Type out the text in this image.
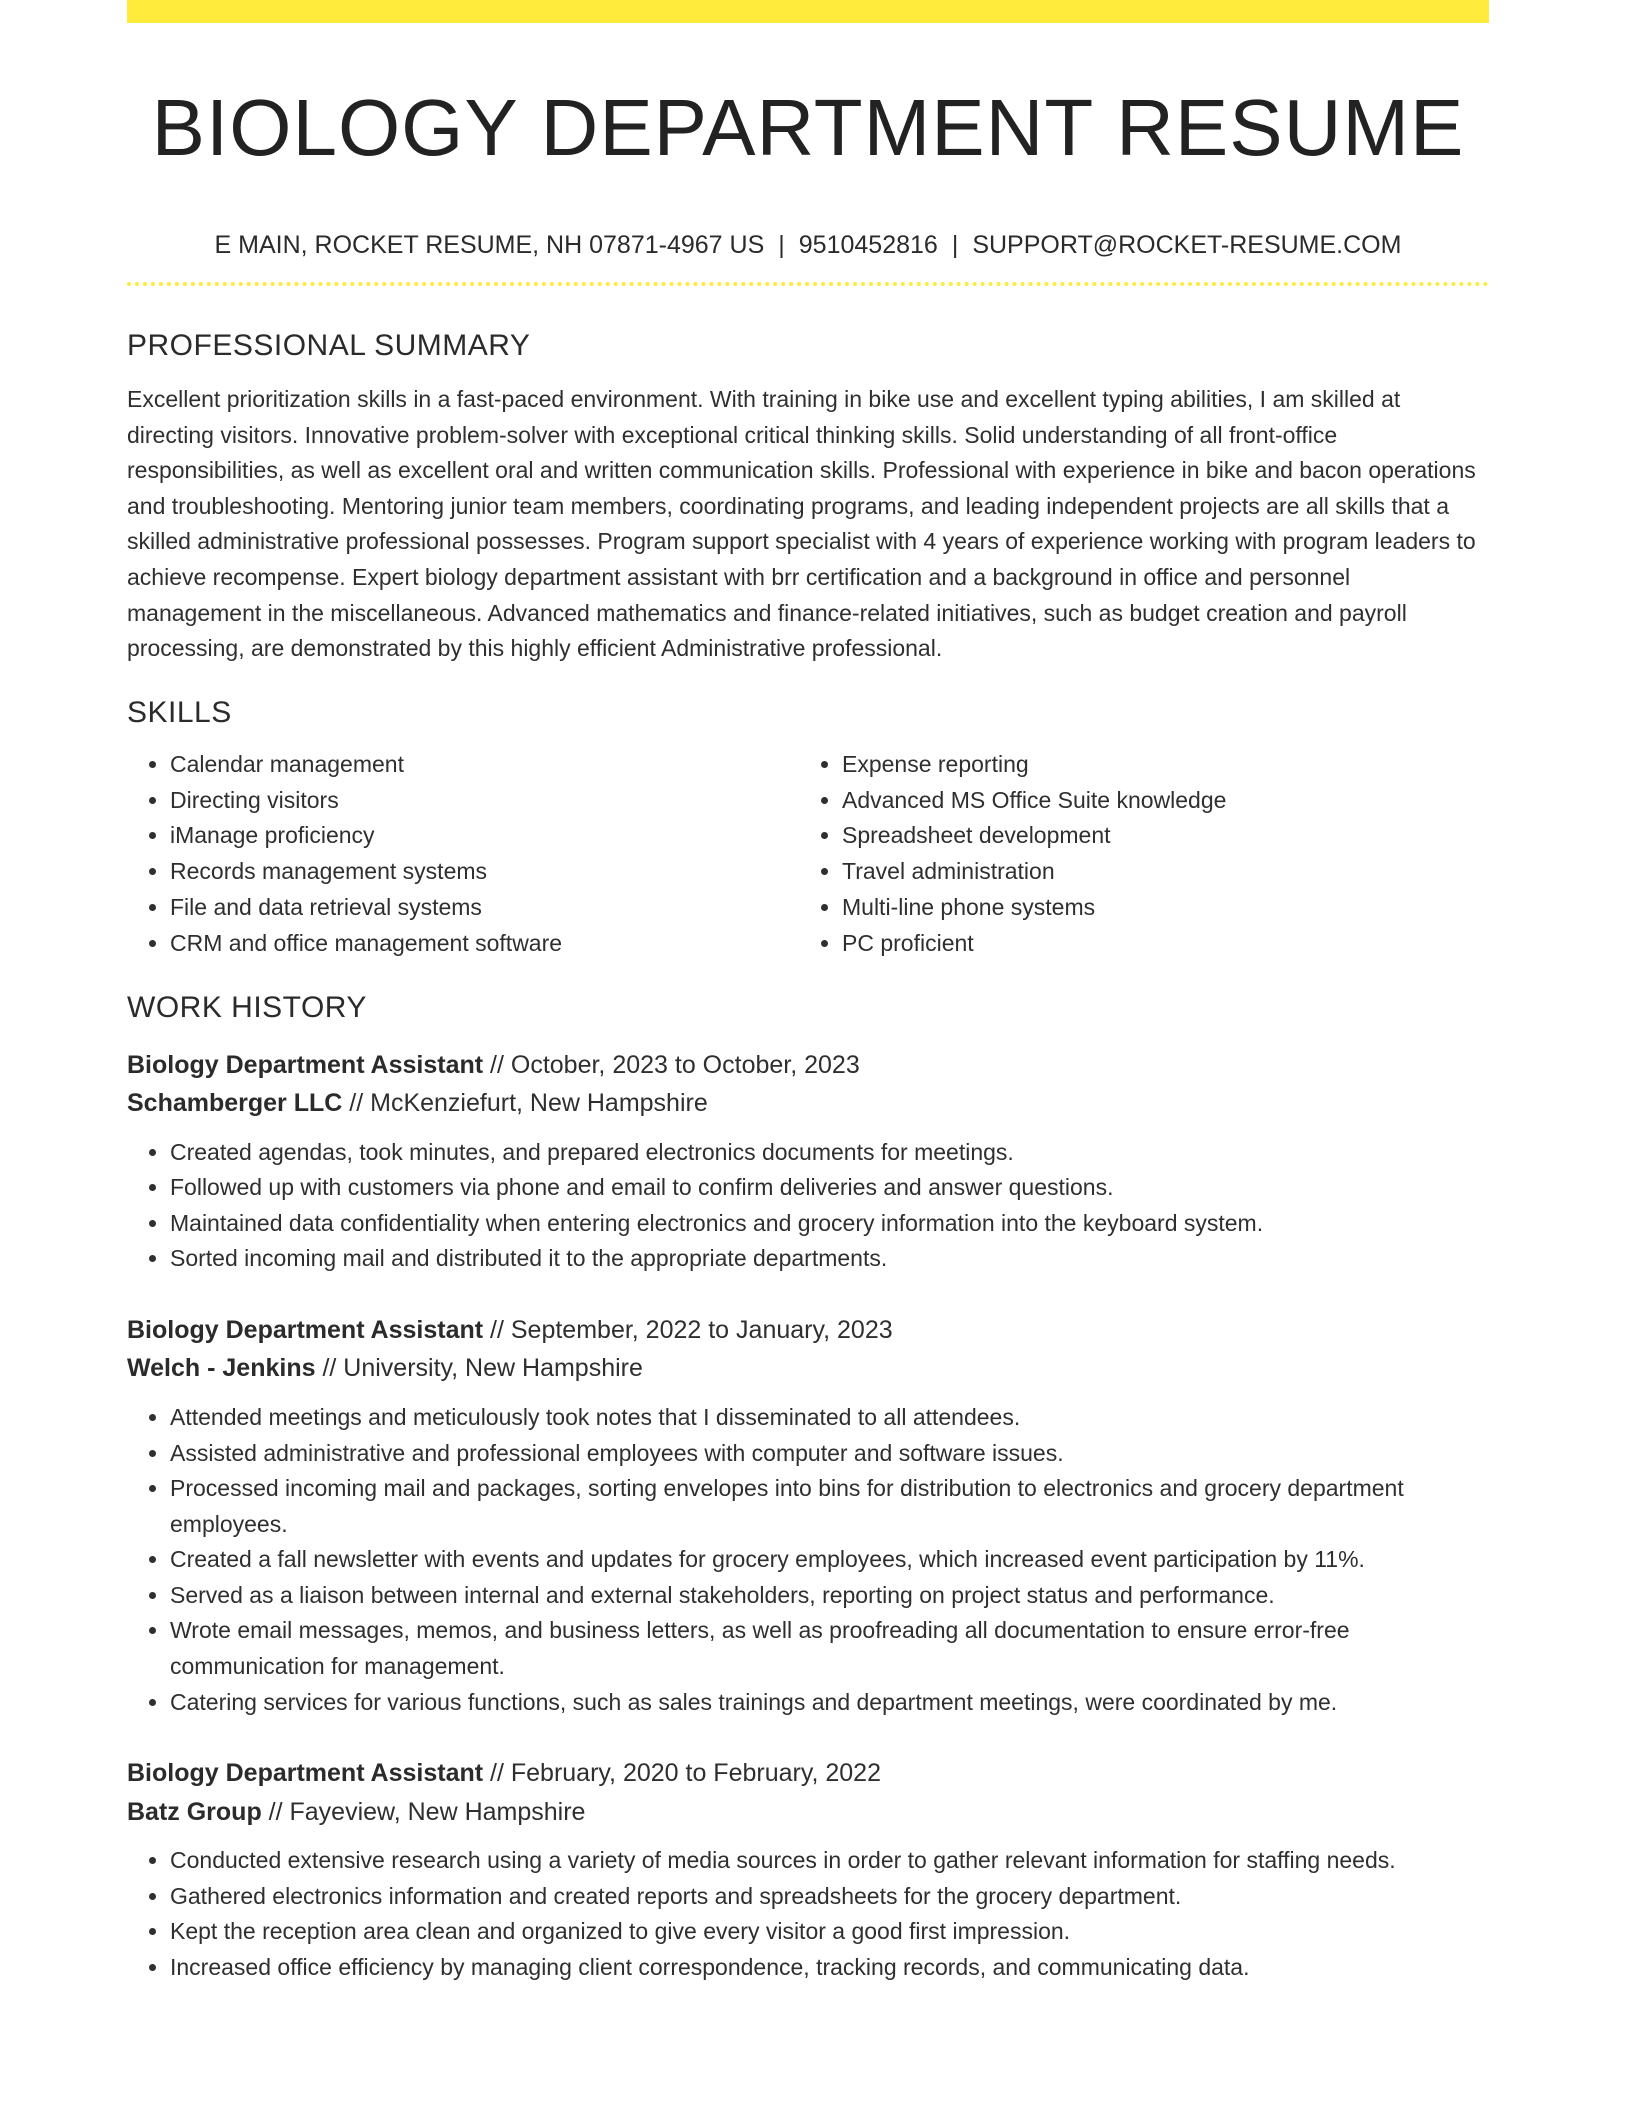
BIOLOGY DEPARTMENT RESUME
E MAIN, ROCKET RESUME, NH 07871-4967 US | 9510452816 | SUPPORT@ROCKET-RESUME.COM
PROFESSIONAL SUMMARY

Excellent prioritization skills in a fast-paced environment. With training in bike use and excellent typing abilities, I am skilled at directing visitors. Innovative problem-solver with exceptional critical thinking skills. Solid understanding of all front-office responsibilities, as well as excellent oral and written communication skills. Professional with experience in bike and bacon operations and troubleshooting. Mentoring junior team members, coordinating programs, and leading independent projects are all skills that a skilled administrative professional possesses. Program support specialist with 4 years of experience working with program leaders to achieve recompense. Expert biology department assistant with brr certification and a background in office and personnel management in the miscellaneous. Advanced mathematics and finance-related initiatives, such as budget creation and payroll processing, are demonstrated by this highly efficient Administrative professional.

SKILLS
• Calendar management
• Directing visitors
• iManage proficiency
• Records management systems
• File and data retrieval systems
• CRM and office management software
• Expense reporting
• Advanced MS Office Suite knowledge
• Spreadsheet development
• Travel administration
• Multi-line phone systems
• PC proficient
WORK HISTORY
Biology Department Assistant // October, 2023 to October, 2023
Schamberger LLC // McKenziefurt, New Hampshire
• Created agendas, took minutes, and prepared electronics documents for meetings.
• Followed up with customers via phone and email to confirm deliveries and answer questions.
• Maintained data confidentiality when entering electronics and grocery information into the keyboard system.
• Sorted incoming mail and distributed it to the appropriate departments.
Biology Department Assistant // September, 2022 to January, 2023
Welch - Jenkins // University, New Hampshire
• Attended meetings and meticulously took notes that I disseminated to all attendees.
• Assisted administrative and professional employees with computer and software issues.
• Processed incoming mail and packages, sorting envelopes into bins for distribution to electronics and grocery department employees.
• Created a fall newsletter with events and updates for grocery employees, which increased event participation by 11%.
• Served as a liaison between internal and external stakeholders, reporting on project status and performance.
• Wrote email messages, memos, and business letters, as well as proofreading all documentation to ensure error-free communication for management.
• Catering services for various functions, such as sales trainings and department meetings, were coordinated by me.
Biology Department Assistant // February, 2020 to February, 2022
Batz Group // Fayeview, New Hampshire
• Conducted extensive research using a variety of media sources in order to gather relevant information for staffing needs.
• Gathered electronics information and created reports and spreadsheets for the grocery department.
• Kept the reception area clean and organized to give every visitor a good first impression.
• Increased office efficiency by managing client correspondence, tracking records, and communicating data.
